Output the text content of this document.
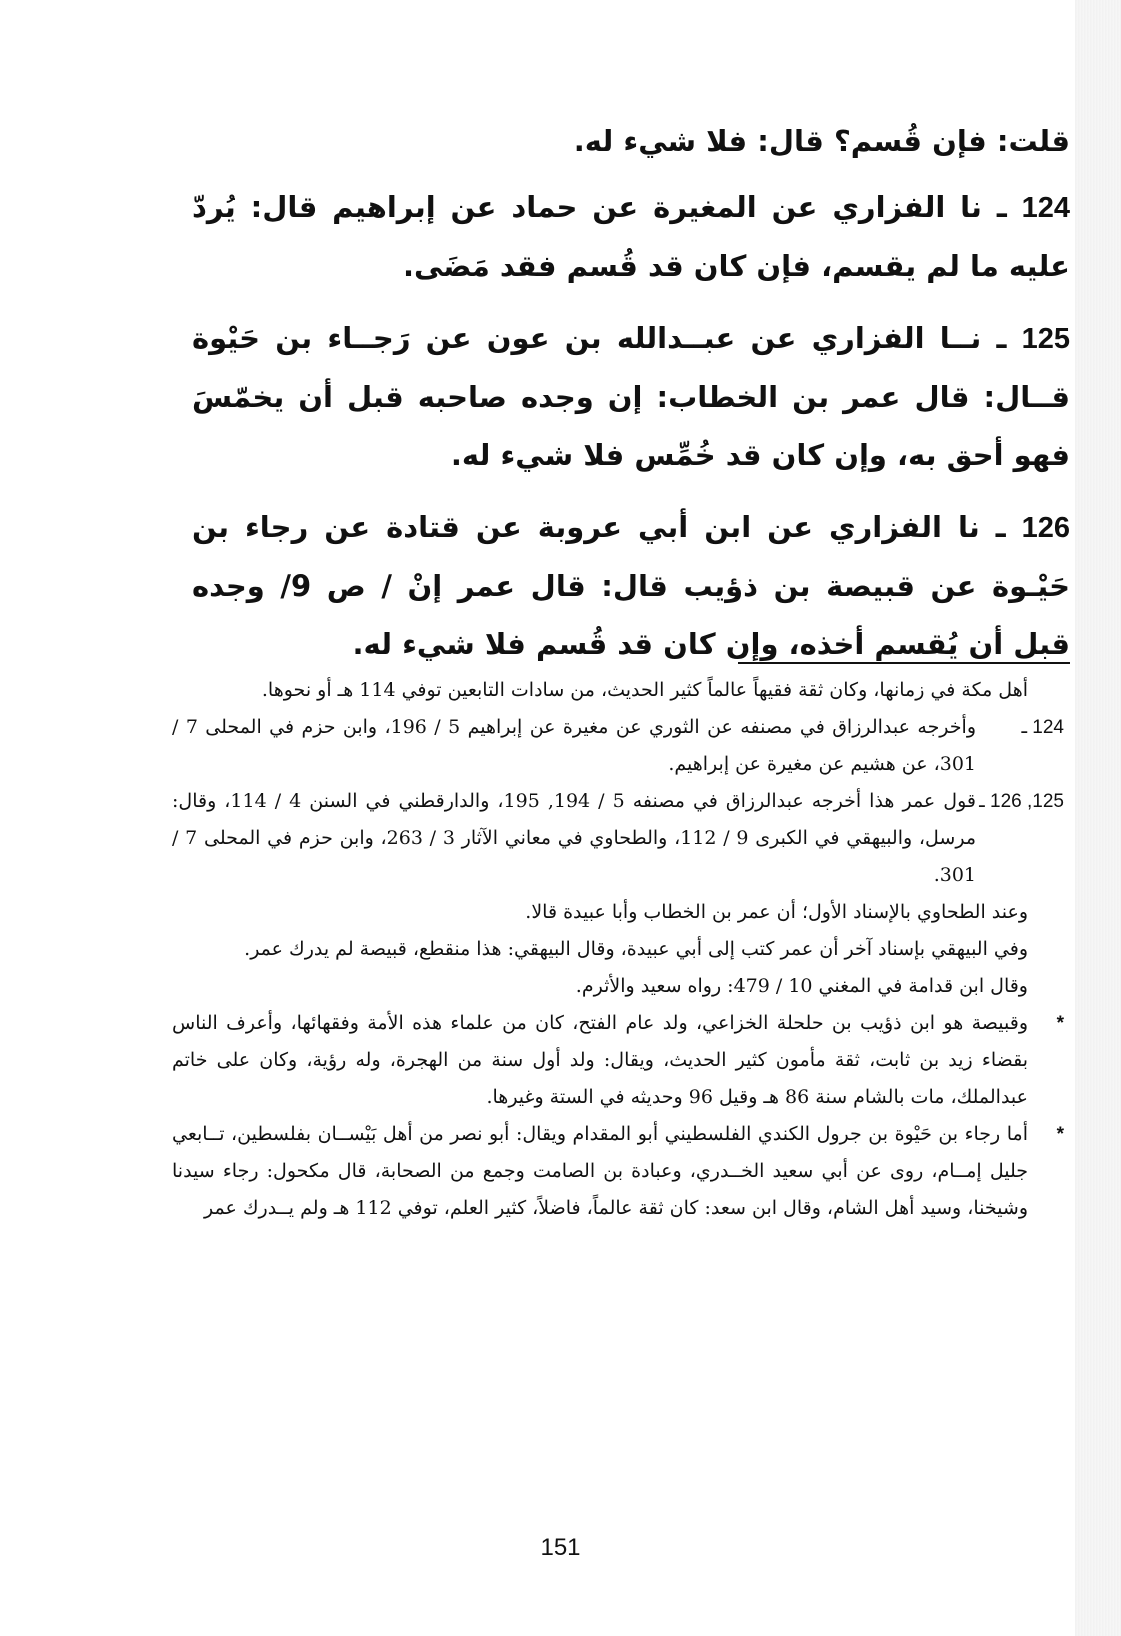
قلت: فإن قُسم؟ قال: فلا شيء له.

124 ـ نا الفزاري عن المغيرة عن حماد عن إبراهيم قال: يُردّ عليه ما لم يقسم، فإن كان قد قُسم فقد مَضَى.

125 ـ نــا الفزاري عن عبــدالله بن عون عن رَجــاء بن حَيْوة قــال: قال عمر بن الخطاب: إن وجده صاحبه قبل أن يخمّسَ فهو أحق به، وإن كان قد خُمِّس فلا شيء له.

126 ـ نا الفزاري عن ابن أبي عروبة عن قتادة عن رجاء بن حَيْـوة عن قبيصة بن ذؤيب قال: قال عمر إنْ / ص 9/ وجده قبل أن يُقسم أخذه، وإن كان قد قُسم فلا شيء له.

أهل مكة في زمانها، وكان ثقة فقيهاً عالماً كثير الحديث، من سادات التابعين توفي 114 هـ أو نحوها.

124 ـ
وأخرجه عبدالرزاق في مصنفه عن الثوري عن مغيرة عن إبراهيم 5 / 196، وابن حزم في المحلى 7 / 301، عن هشيم عن مغيرة عن إبراهيم.

125, 126 ـ
قول عمر هذا أخرجه عبدالرزاق في مصنفه 5 / 194, 195، والدارقطني في السنن 4 / 114، وقال: مرسل، والبيهقي في الكبرى 9 / 112، والطحاوي في معاني الآثار 3 / 263، وابن حزم في المحلى 7 / 301.

وعند الطحاوي بالإسناد الأول؛ أن عمر بن الخطاب وأبا عبيدة قالا.

وفي البيهقي بإسناد آخر أن عمر كتب إلى أبي عبيدة، وقال البيهقي: هذا منقطع، قبيصة لم يدرك عمر.

وقال ابن قدامة في المغني 10 / 479: رواه سعيد والأثرم.

*
وقبيصة هو ابن ذؤيب بن حلحلة الخزاعي، ولد عام الفتح، كان من علماء هذه الأمة وفقهائها، وأعرف الناس بقضاء زيد بن ثابت، ثقة مأمون كثير الحديث، ويقال: ولد أول سنة من الهجرة، وله رؤية، وكان على خاتم عبدالملك، مات بالشام سنة 86 هـ وقيل 96 وحديثه في الستة وغيرها.

*
أما رجاء بن حَيْوة بن جرول الكندي الفلسطيني أبو المقدام ويقال: أبو نصر من أهل بَيْســان بفلسطين، تــابعي جليل إمــام، روى عن أبي سعيد الخــدري، وعبادة بن الصامت وجمع من الصحابة، قال مكحول: رجاء سيدنا وشيخنا، وسيد أهل الشام، وقال ابن سعد: كان ثقة عالماً، فاضلاً، كثير العلم، توفي 112 هـ ولم يــدرك عمر

151
